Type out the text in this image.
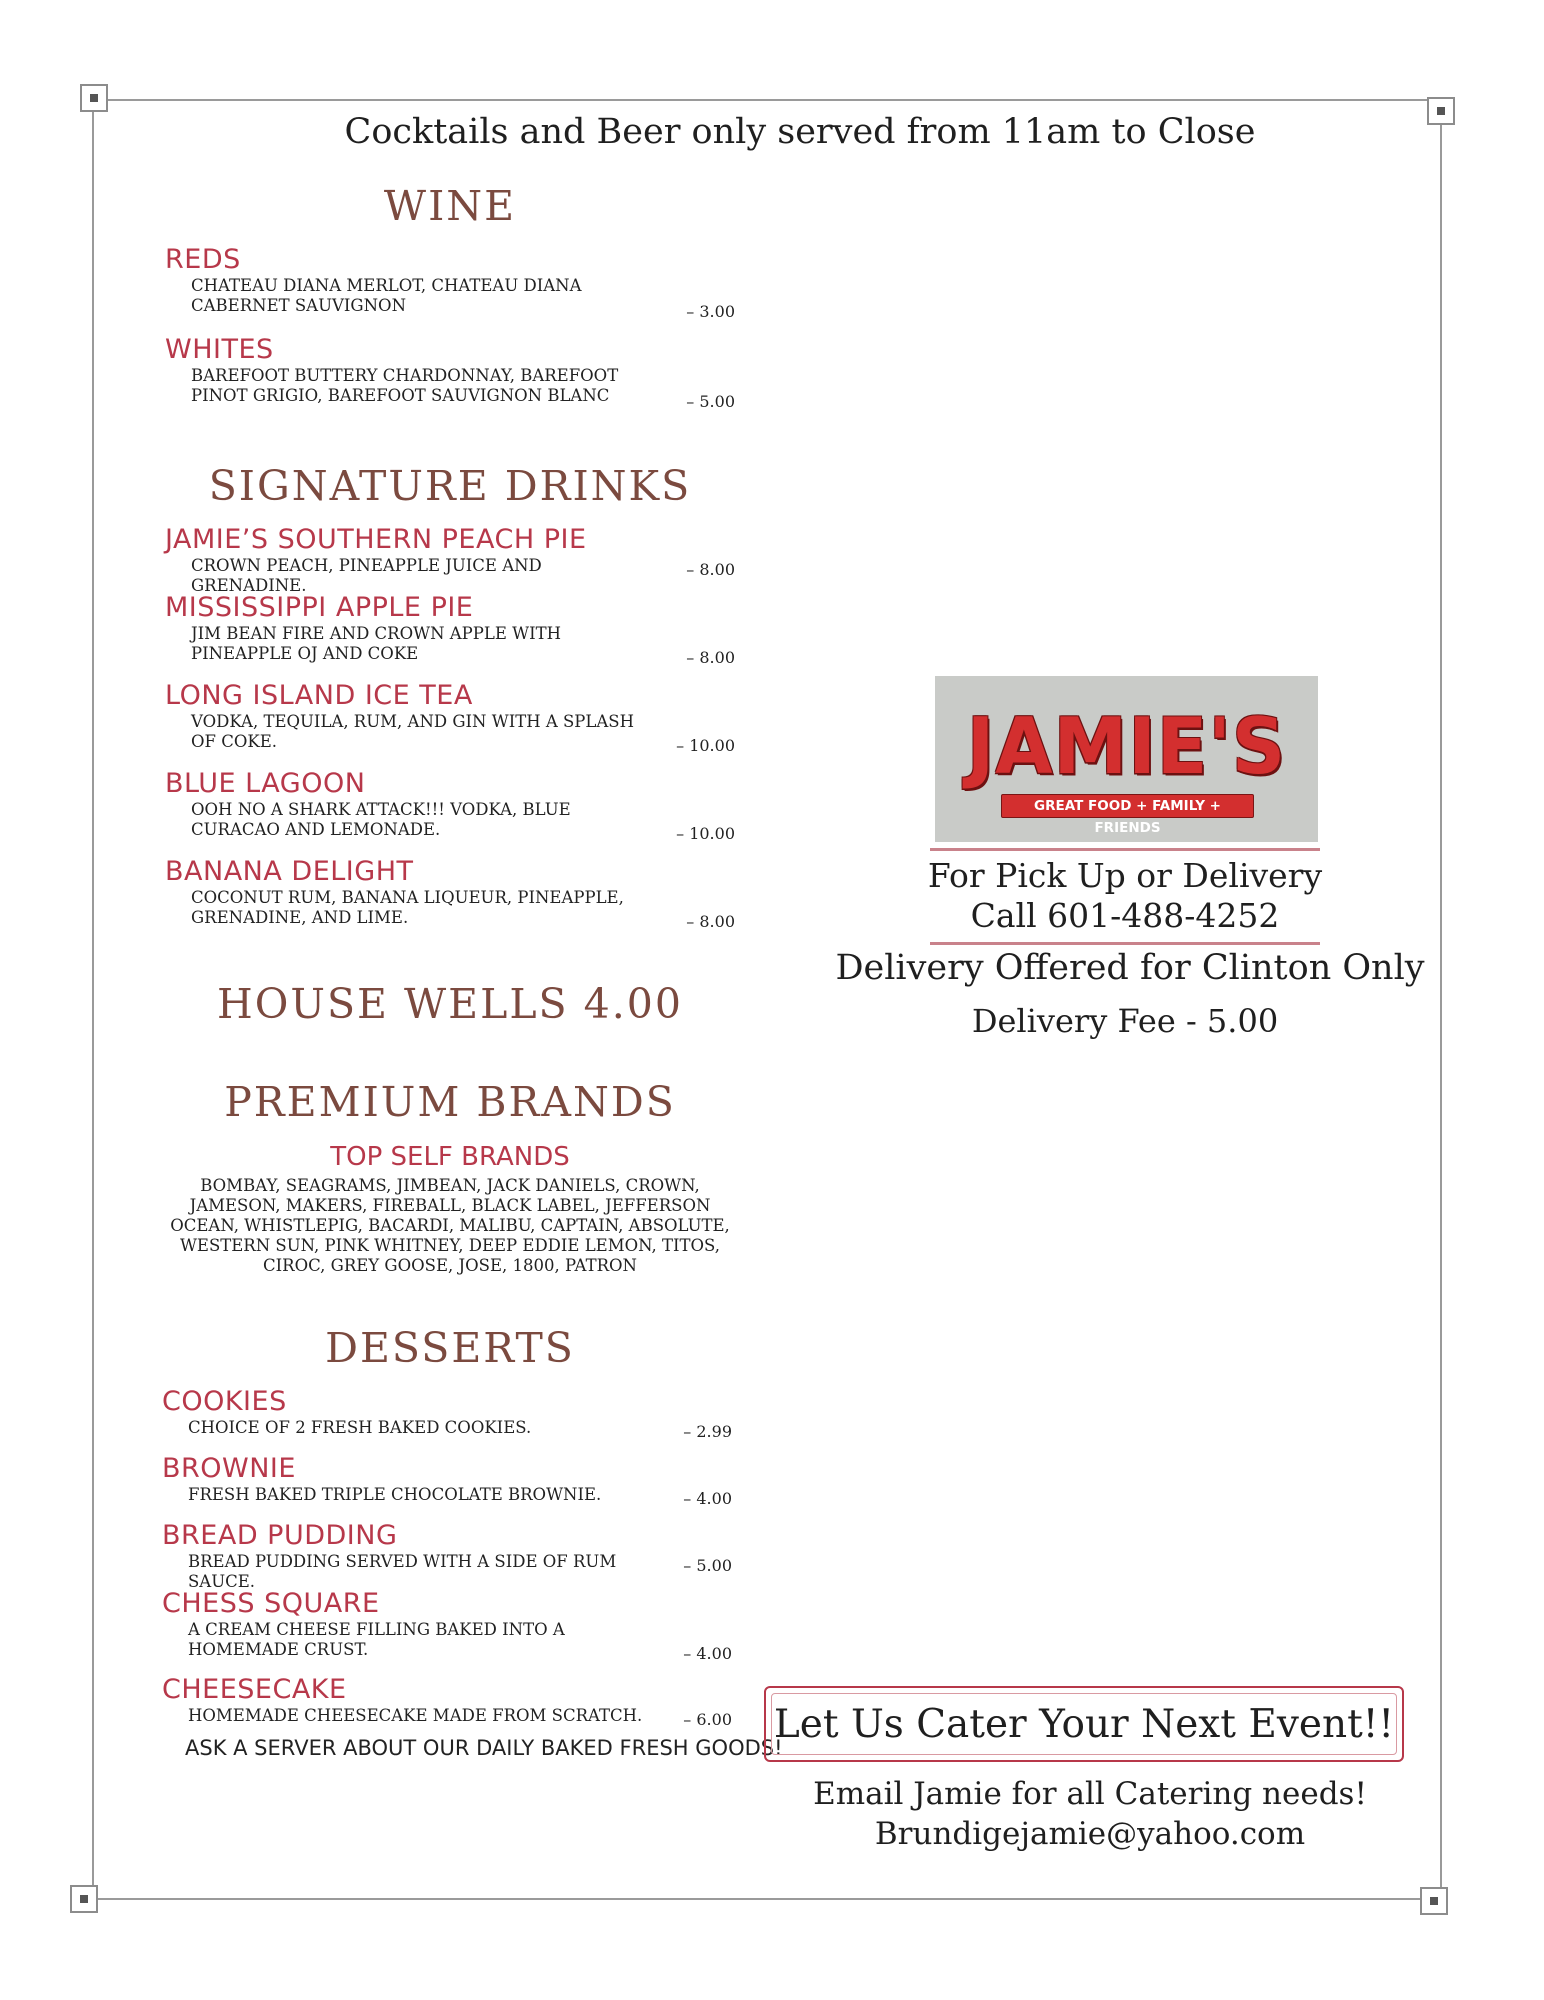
Cocktails and Beer only served from 11am to Close
WINE
REDS
CHATEAU DIANA MERLOT, CHATEAU DIANA CABERNET SAUVIGNON	– 3.00
WHITES
BAREFOOT BUTTERY CHARDONNAY, BAREFOOT PINOT GRIGIO, BAREFOOT SAUVIGNON BLANC	– 5.00
SIGNATURE DRINKS
JAMIE’S SOUTHERN PEACH PIE
CROWN PEACH, PINEAPPLE JUICE AND GRENADINE.
– 8.00
MISSISSIPPI APPLE PIE
JIM BEAN FIRE AND CROWN APPLE WITH PINEAPPLE OJ AND COKE	– 8.00
LONG ISLAND ICE TEA
VODKA, TEQUILA, RUM, AND GIN WITH A SPLASH OF COKE.	– 10.00
BLUE LAGOON
OOH NO A SHARK ATTACK!!! VODKA, BLUE CURACAO AND LEMONADE.	– 10.00
BANANA DELIGHT
COCONUT RUM, BANANA LIQUEUR, PINEAPPLE, GRENADINE, AND LIME.	– 8.00
HOUSE WELLS 4.00
PREMIUM BRANDS
TOP SELF BRANDS
BOMBAY, SEAGRAMS, JIMBEAN, JACK DANIELS, CROWN, JAMESON, MAKERS, FIREBALL, BLACK LABEL, JEFFERSON OCEAN, WHISTLEPIG, BACARDI, MALIBU, CAPTAIN, ABSOLUTE, WESTERN SUN, PINK WHITNEY, DEEP EDDIE LEMON, TITOS, CIROC, GREY GOOSE, JOSE, 1800, PATRON
DESSERTS
COOKIES
CHOICE OF 2 FRESH BAKED COOKIES.	– 2.99
BROWNIE
FRESH BAKED TRIPLE CHOCOLATE BROWNIE.	– 4.00
BREAD PUDDING
BREAD PUDDING SERVED WITH A SIDE OF RUM SAUCE.
– 5.00
CHESS SQUARE
A CREAM CHEESE FILLING BAKED INTO A HOMEMADE CRUST.	– 4.00
CHEESECAKE
HOMEMADE CHEESECAKE MADE FROM SCRATCH.	– 6.00
ASK A SERVER ABOUT OUR DAILY BAKED FRESH GOODS!
JAMIE'S
GREAT FOOD + FAMILY + FRIENDS
For Pick Up or Delivery
Call 601-488-4252
Delivery Offered for Clinton Only
Delivery Fee - 5.00
Let Us Cater Your Next Event!!
Email Jamie for all Catering needs!
Brundigejamie@yahoo.com
